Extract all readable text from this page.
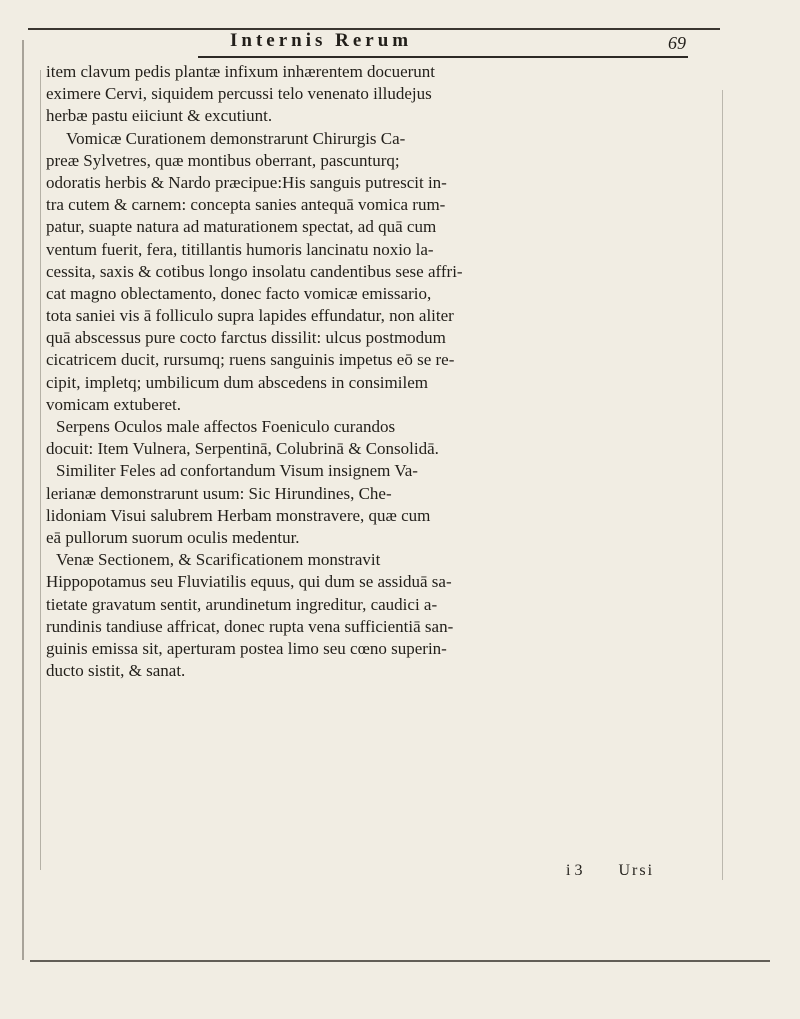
Internis Rerum	69
item clavum pedis plantæ infixum inhærentem docuerunt
eximere Cervi, siquidem percussi telo venenato illudejus
herbæ pastu eiiciunt & excutiunt.
Vomicæ Curationem demonstrarunt Chirurgis Ca-
preæ Sylvetres, quæ montibus oberrant, pascunturq;
odoratis herbis & Nardo præcipue:His sanguis putrescit in-
tra cutem & carnem: concepta sanies antequā vomica rum-
patur, suapte natura ad maturationem spectat, ad quā cum
ventum fuerit, fera, titillantis humoris lancinatu noxio la-
cessita, saxis & cotibus longo insolatu candentibus sese affri-
cat magno oblectamento, donec facto vomicæ emissario,
tota saniei vis ā folliculo supra lapides effundatur, non aliter
quā abscessus pure cocto farctus dissilit: ulcus postmodum
cicatricem ducit, rursumq; ruens sanguinis impetus eō se re-
cipit, impletq; umbilicum dum abscedens in consimilem
vomicam extuberet.
Serpens Oculos male affectos Foeniculo curandos
docuit: Item Vulnera, Serpentinā, Colubrinā & Consolidā.
Similiter Feles ad confortandum Visum insignem Va-
lerianæ demonstrarunt usum: Sic Hirundines, Che-
lidoniam Visui salubrem Herbam monstravere, quæ cum
eā pullorum suorum oculis medentur.
Venæ Sectionem, & Scarificationem monstravit
Hippopotamus seu Fluviatilis equus, qui dum se assiduā sa-
tietate gravatum sentit, arundinetum ingreditur, caudici a-
rundinis tandiuse affricat, donec rupta vena sufficientiā san-
guinis emissa sit, aperturam postea limo seu cœno superin-
ducto sistit, & sanat.
i 3 Ursi
